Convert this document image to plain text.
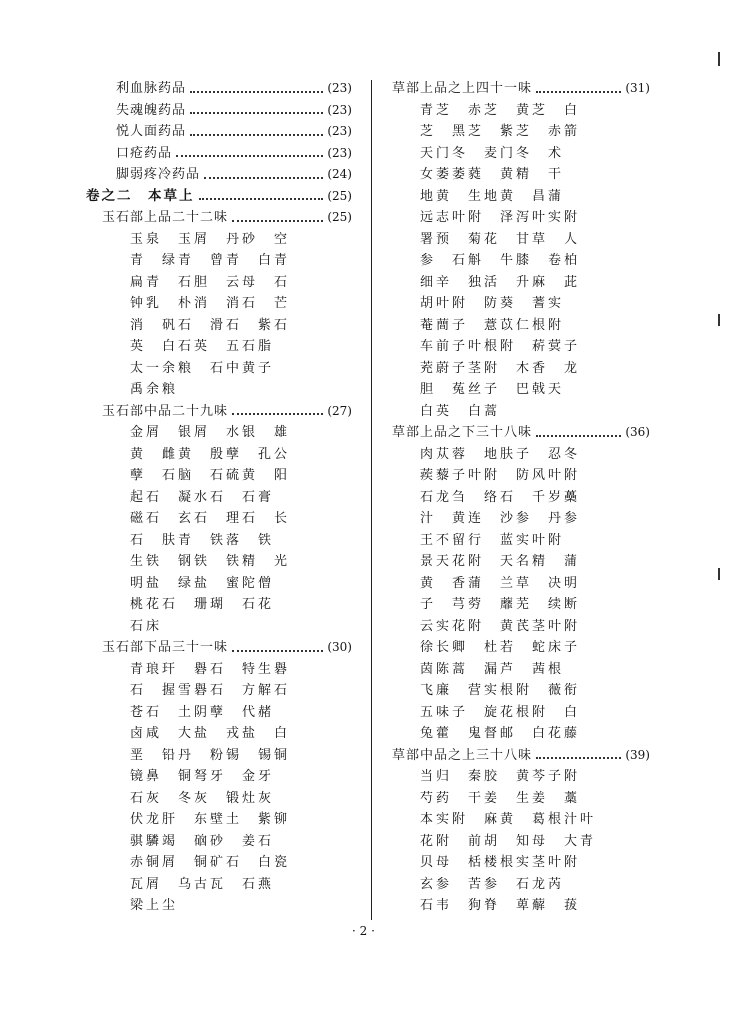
利血脉药品	(23)
失魂魄药品	(23)
悦人面药品	(23)
口疮药品	(23)
脚弱疼冷药品	(24)
卷之二　本草上	(25)
玉石部上品二十二味	(25)
玉泉　玉屑　丹砂　空
青　绿青　曾青　白青
扁青　石胆　云母　石
钟乳　朴消　消石　芒
消　矾石　滑石　紫石
英　白石英　五石脂
太一余粮　石中黄子
禹余粮
玉石部中品二十九味	(27)
金屑　银屑　水银　雄
黄　雌黄　殷孽　孔公
孽　石脑　石硫黄　阳
起石　凝水石　石膏
磁石　玄石　理石　长
石　肤青　铁落　铁
生铁　钢铁　铁精　光
明盐　绿盐　蜜陀僧
桃花石　珊瑚　石花
石床
玉石部下品三十一味	(30)
青琅玕　礜石　特生礜
石　握雪礜石　方解石
苍石　土阴孽　代赭
卤咸　大盐　戎盐　白
垩　铅丹　粉锡　锡铜
镜鼻　铜弩牙　金牙
石灰　冬灰　锻灶灰
伏龙肝　东壁土　紫铆
骐驎竭　硇砂　姜石
赤铜屑　铜矿石　白瓷
瓦屑　乌古瓦　石燕
梁上尘
草部上品之上四十一味	(31)
青芝　赤芝　黄芝　白
芝　黑芝　紫芝　赤箭
天门冬　麦门冬　术
女萎萎蕤　黄精　干
地黄　生地黄　昌蒲
远志叶附　泽泻叶实附
署预　菊花　甘草　人
参　石斛　牛膝　卷柏
细辛　独活　升麻　茈
胡叶附　防葵　蓍实
菴蕳子　薏苡仁根附
车前子叶根附　菥蓂子
茺蔚子茎附　木香　龙
胆　菟丝子　巴戟天
白英　白蒿
草部上品之下三十八味	(36)
肉苁蓉　地肤子　忍冬
蒺藜子叶附　防风叶附
石龙刍　络石　千岁蘽
汁　黄连　沙参　丹参
王不留行　蓝实叶附
景天花附　天名精　蒲
黄　香蒲　兰草　决明
子　芎䓖　蘼芜　续断
云实花附　黄芪茎叶附
徐长卿　杜若　蛇床子
茵陈蒿　漏芦　茜根
飞廉　营实根附　薇衔
五味子　旋花根附　白
兔藿　鬼督邮　白花藤
草部中品之上三十八味	(39)
当归　秦胶　黄芩子附
芍药　干姜　生姜　藁
本实附　麻黄　葛根汁叶
花附　前胡　知母　大青
贝母　栝楼根实茎叶附
玄参　苦参　石龙芮
石韦　狗脊　萆薢　菝
· 2 ·
